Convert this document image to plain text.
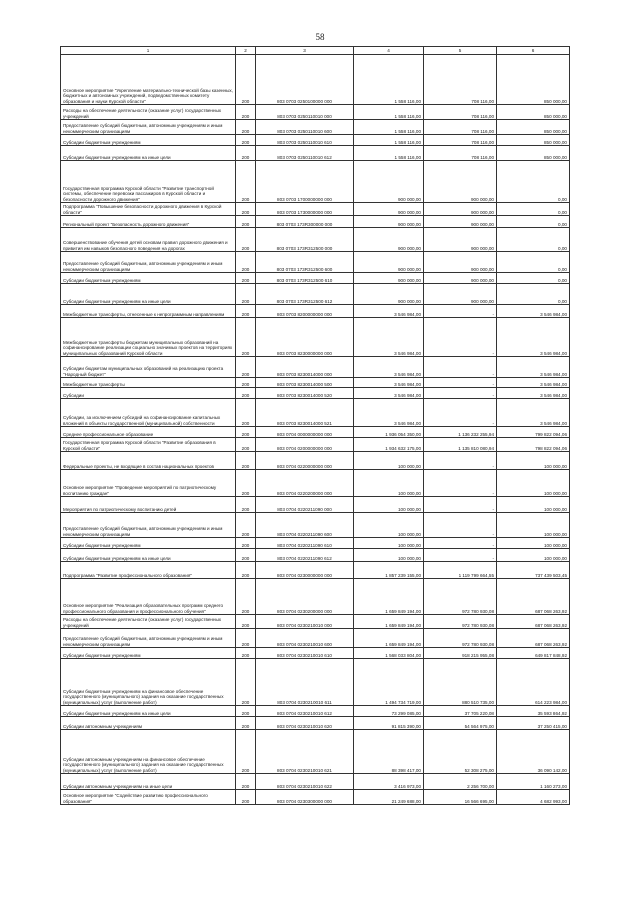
58
1	2	3	4	5	6
Основное мероприятие "Укрепление материально-технической базы казенных, бюджетных и автономных учреждений, подведомственных комитету образования и науки Курской области"	200	803 0703 0250100000 000	1 558 116,00	708 116,00	850 000,00
Расходы на обеспечение деятельности (оказание услуг) государственных учреждений	200	803 0703 0250110010 000	1 558 116,00	708 116,00	850 000,00
Предоставление субсидий бюджетным, автономным учреждениям и иным некоммерческим организациям	200	803 0703 0250110010 600	1 558 116,00	708 116,00	850 000,00
Субсидии бюджетным учреждениям	200	803 0703 0250110010 610	1 558 116,00	708 116,00	850 000,00
Субсидии бюджетным учреждениям на иные цели	200	803 0703 0250110010 612	1 558 116,00	708 116,00	850 000,00
Государственная программа Курской области "Развитие транспортной системы, обеспечение перевозки пассажиров в Курской области и безопасности дорожного движения"	200	803 0703 1700000000 000	900 000,00	900 000,00	0,00
Подпрограмма "Повышение безопасности дорожного движения в Курской области"	200	803 0703 1730000000 000	900 000,00	900 000,00	0,00
Региональный проект "Безопасность дорожного движения"	200	803 0703 173R300000 000	900 000,00	900 000,00	0,00
Совершенствование обучения детей основам правил дорожного движения и привития им навыков безопасного поведения на дорогах	200	803 0703 173R312500 000	900 000,00	900 000,00	0,00
Предоставление субсидий бюджетным, автономным учреждениям и иным некоммерческим организациям	200	803 0703 173R312500 600	900 000,00	900 000,00	0,00
Субсидии бюджетным учреждениям	200	803 0703 173R312500 610	900 000,00	900 000,00	0,00
Субсидии бюджетным учреждениям на иные цели	200	803 0703 173R312500 612	900 000,00	900 000,00	0,00
Межбюджетные трансферты, отнесенные к непрограммным направлениям	200	803 0703 8200000000 000	3 546 984,00	-	3 546 984,00
Межбюджетные трансферты бюджетам муниципальных образований на софинансирование реализации социально значимых проектов на территориях муниципальных образований Курской области	200	803 0703 8230000000 000	3 546 984,00	-	3 546 984,00
Субсидии бюджетам муниципальных образований на реализацию проекта "Народный бюджет"	200	803 0703 8230014000 000	3 546 984,00	-	3 546 984,00
Межбюджетные трансферты	200	803 0703 8230014000 500	3 546 984,00	-	3 546 984,00
Субсидии	200	803 0703 8230014000 520	3 546 984,00	-	3 546 984,00
Субсидии, за исключением субсидий на софинансирование капитальных вложений в объекты государственной (муниципальной) собственности	200	803 0703 8230014000 521	3 546 984,00	-	3 546 984,00
Среднее профессиональное образование	200	803 0704 0000000000 000	1 936 054 350,00	1 136 232 255,94	799 822 094,06
Государственная программа Курской области "Развитие образования в Курской области"	200	803 0704 0200000000 000	1 934 632 175,00	1 135 810 080,94	798 822 094,06
Федеральные проекты, не входящие в состав национальных проектов	200	803 0704 0220000000 000	100 000,00	-	100 000,00
Основное мероприятие "Проведение мероприятий по патриотическому воспитанию граждан"	200	803 0704 0220200000 000	100 000,00	-	100 000,00
Мероприятия по патриотическому воспитанию детей	200	803 0704 0220211090 000	100 000,00	-	100 000,00
Предоставление субсидий бюджетным, автономным учреждениям и иным некоммерческим организациям	200	803 0704 0220211090 600	100 000,00	-	100 000,00
Субсидии бюджетным учреждениям	200	803 0704 0220211090 610	100 000,00	-	100 000,00
Субсидии бюджетным учреждениям на иные цели	200	803 0704 0220211090 612	100 000,00	-	100 000,00
Подпрограмма "Развитие профессионального образования"	200	803 0704 0230000000 000	1 857 239 155,00	1 119 799 664,55	737 439 503,45
Основное мероприятие "Реализация образовательных программ среднего профессионального образования и профессионального обучения"	200	803 0704 0230200000 000	1 659 849 194,00	972 780 930,08	687 068 263,92
Расходы на обеспечение деятельности (оказание услуг) государственных учреждений	200	803 0704 0230210010 000	1 659 849 194,00	972 780 930,08	687 068 263,92
Предоставление субсидий бюджетным, автономным учреждениям и иным некоммерческим организациям	200	803 0704 0230210010 600	1 659 849 194,00	972 780 930,08	687 068 263,92
Субсидии бюджетным учреждениям	200	803 0704 0230210010 610	1 568 033 804,00	918 215 955,08	649 817 848,92
Субсидии бюджетным учреждениям на финансовое обеспечение государственного (муниципального) задания на оказание государственных (муниципальных) услуг (выполнение работ)	200	803 0704 0230210010 611	1 494 734 719,00	880 510 735,00	614 223 984,00
Субсидии бюджетным учреждениям на иные цели	200	803 0704 0230210010 612	73 299 085,00	37 705 220,08	35 593 864,92
Субсидии автономным учреждениям	200	803 0704 0230210010 620	91 815 390,00	54 564 975,00	37 250 415,00
Субсидии автономным учреждениям на финансовое обеспечение государственного (муниципального) задания на оказание государственных (муниципальных) услуг (выполнение работ)	200	803 0704 0230210010 621	88 398 417,00	52 308 275,00	36 090 142,00
Субсидии автономным учреждениям на иные цели	200	803 0704 0230210010 622	3 416 973,00	2 256 700,00	1 160 273,00
Основное мероприятие "Содействие развитию профессионального образования"	200	803 0704 0230300000 000	21 249 688,00	16 566 695,00	4 682 993,00
